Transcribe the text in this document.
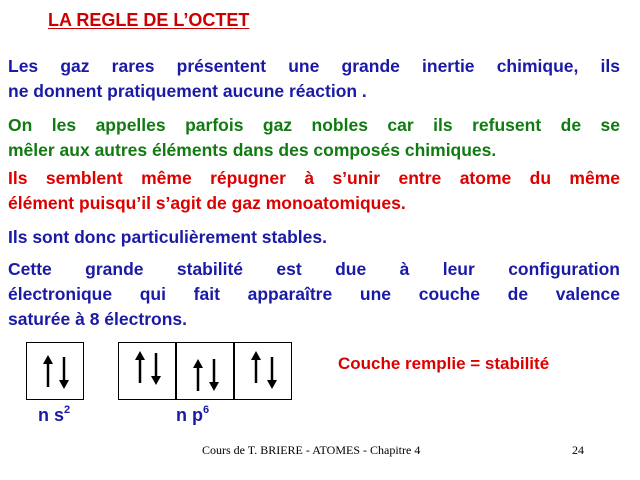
LA REGLE DE L’OCTET
Les gaz rares présentent une grande inertie chimique, ils
ne donnent pratiquement aucune réaction .
On les appelles parfois gaz nobles car ils refusent de se
mêler aux autres éléments dans des composés chimiques.
Ils semblent même répugner à s’unir entre atome du même
élément puisqu’il s’agit de gaz monoatomiques.
Ils sont donc particulièrement stables.
Cette grande stabilité est due à leur configuration
électronique qui fait apparaître une couche de valence
saturée à 8 électrons.
n $s^2$	n $p^6$
Couche remplie = stabilité
Cours de T. BRIERE - ATOMES - Chapitre 4	24
